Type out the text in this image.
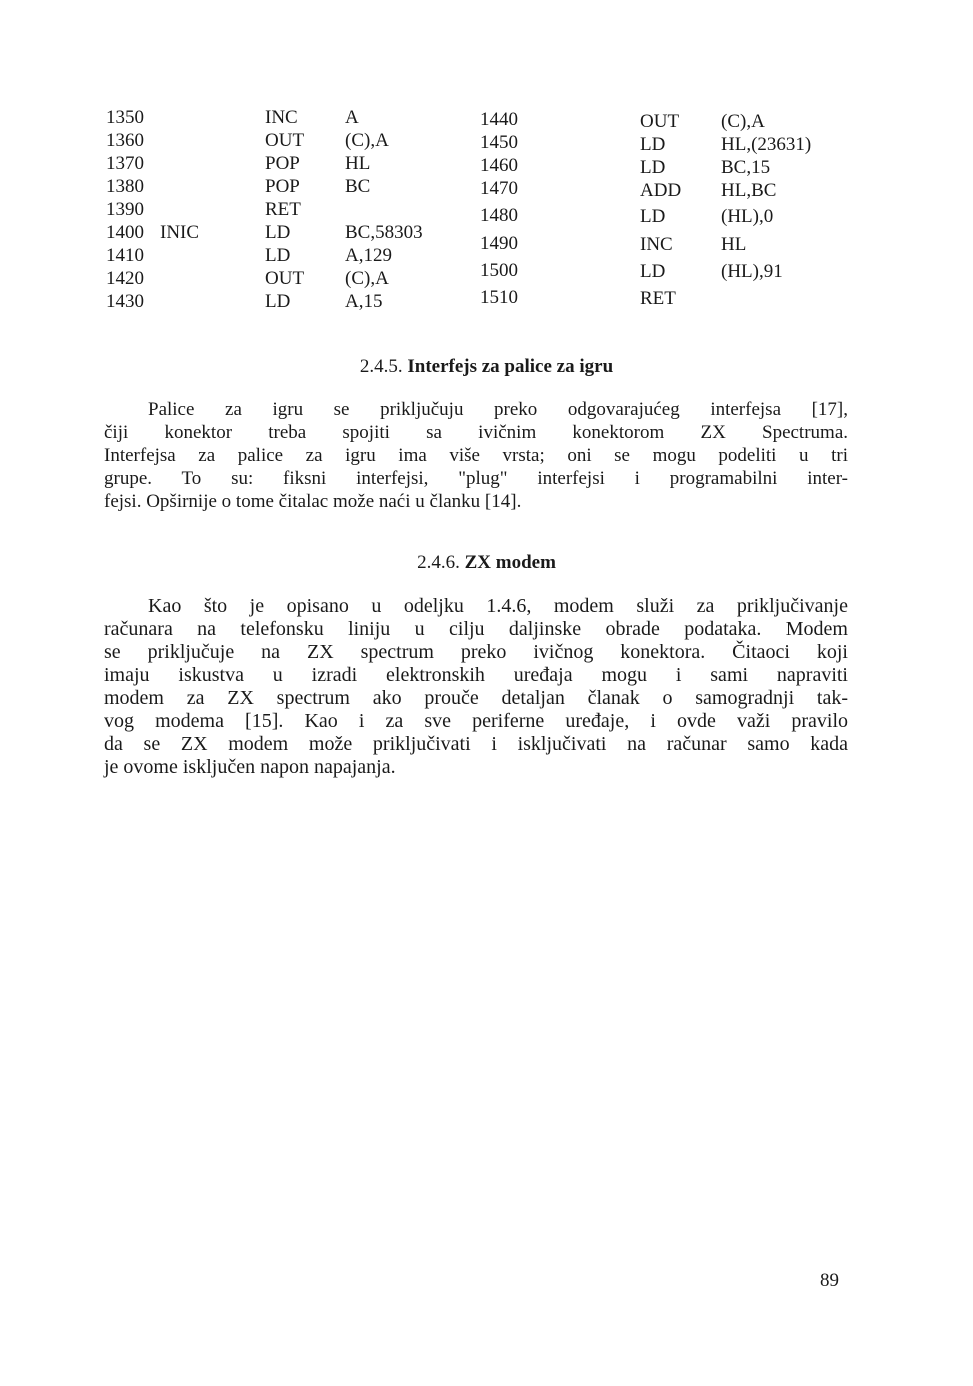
1350
1360
1370
1380
1390
1400
1410
1420
1430
INIC
INC
OUT
POP
POP
RET
LD
LD
OUT
LD
A
(C),A
HL
BC
BC,58303
A,129
(C),A
A,15
1440
1450
1460
1470
1480
1490
1500
1510
OUT
LD
LD
ADD
LD
INC
LD
RET
(C),A
HL,(23631)
BC,15
HL,BC
(HL),0
HL
(HL),91
2.4.5. Interfejs za palice za igru
Palice za igru se priključuju preko odgovarajućeg interfejsa [17],
čiji konektor treba spojiti sa ivičnim konektorom ZX Spectruma.
Interfejsa za palice za igru ima više vrsta; oni se mogu podeliti u tri
grupe. To su: fiksni interfejsi, "plug" interfejsi i programabilni inter-
fejsi. Opširnije o tome čitalac može naći u članku [14].
2.4.6. ZX modem
Kao što je opisano u odeljku 1.4.6, modem služi za priključivanje
računara na telefonsku liniju u cilju daljinske obrade podataka. Modem
se priključuje na ZX spectrum preko ivičnog konektora. Čitaoci koji
imaju iskustva u izradi elektronskih uređaja mogu i sami napraviti
modem za ZX spectrum ako prouče detaljan članak o samogradnji tak-
vog modema [15]. Kao i za sve periferne uređaje, i ovde važi pravilo
da se ZX modem može priključivati i isključivati na računar samo kada
je ovome isključen napon napajanja.
89
